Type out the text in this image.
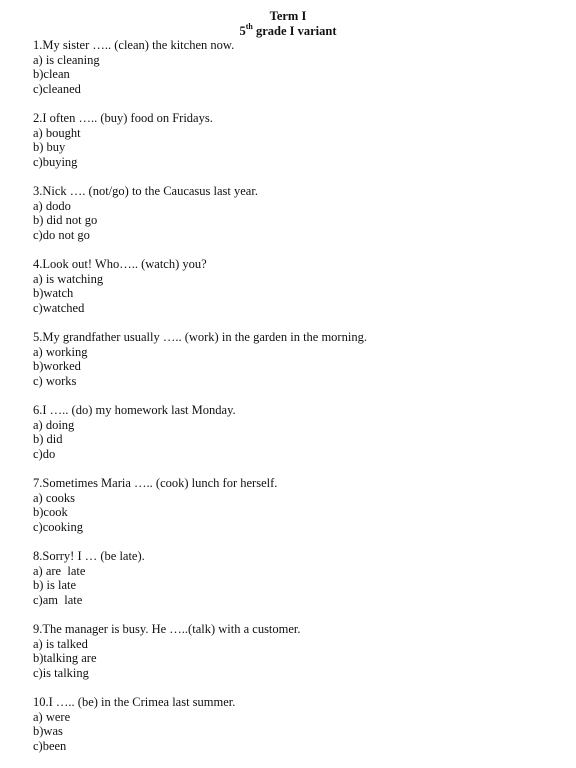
Term I
5th grade I variant
1.My sister ….. (clean) the kitchen now.
a) is cleaning
b)clean
c)cleaned
2.I often ….. (buy) food on Fridays.
a) bought
b) buy
c)buying
3.Nick …. (not/go) to the Caucasus last year.
a) dodo
b) did not go
c)do not go
4.Look out! Who….. (watch) you?
a) is watching
b)watch
c)watched
5.My grandfather usually ….. (work) in the garden in the morning.
a) working
b)worked
c) works
6.I ….. (do) my homework last Monday.
a) doing
b) did
c)do
7.Sometimes Maria ….. (cook) lunch for herself.
a) cooks
b)cook
c)cooking
8.Sorry! I … (be late).
a) are  late
b) is late
c)am  late
9.The manager is busy. He …..(talk) with a customer.
a) is talked
b)talking are
c)is talking
10.I ….. (be) in the Crimea last summer.
a) were
b)was
c)been
